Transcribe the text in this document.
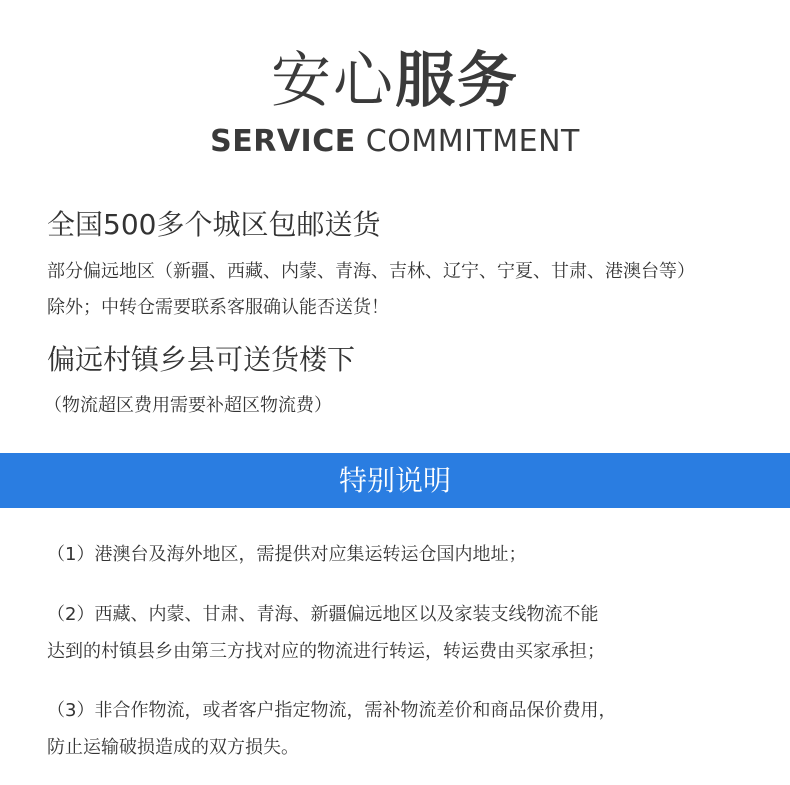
安心服务
SERVICE COMMITMENT
全国500多个城区包邮送货
部分偏远地区（新疆、西藏、内蒙、青海、吉林、辽宁、宁夏、甘肃、港澳台等）
除外；中转仓需要联系客服确认能否送货！
偏远村镇乡县可送货楼下
（物流超区费用需要补超区物流费）
特别说明
（1）港澳台及海外地区，需提供对应集运转运仓国内地址；
（2）西藏、内蒙、甘肃、青海、新疆偏远地区以及家装支线物流不能
达到的村镇县乡由第三方找对应的物流进行转运，转运费由买家承担；
（3）非合作物流，或者客户指定物流，需补物流差价和商品保价费用，
防止运输破损造成的双方损失。
